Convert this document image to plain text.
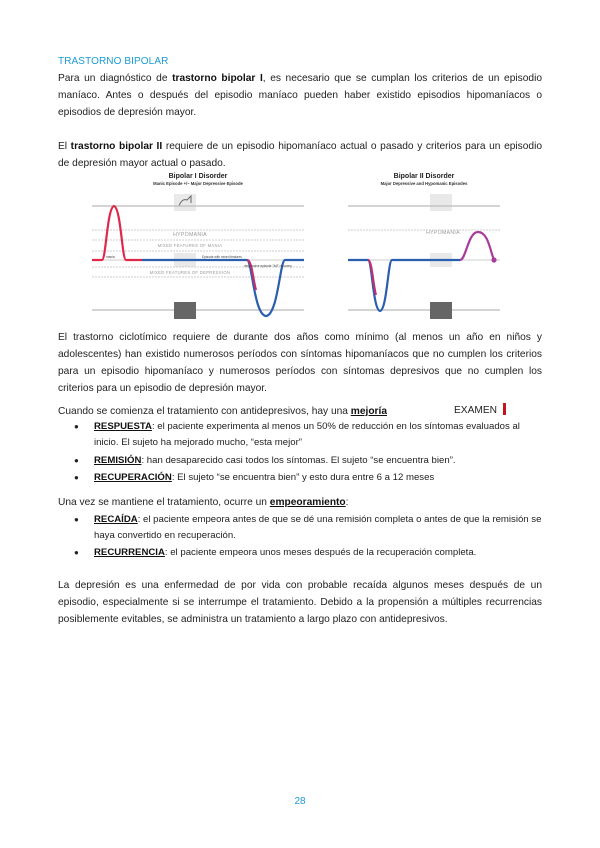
TRASTORNO BIPOLAR
Para un diagnóstico de trastorno bipolar I, es necesario que se cumplan los criterios de un episodio maníaco. Antes o después del episodio maníaco pueden haber existido episodios hipomaníacos o episodios de depresión mayor.
El trastorno bipolar II requiere de un episodio hipomaníaco actual o pasado y criterios para un episodio de depresión mayor actual o pasado.
El trastorno ciclotímico requiere de durante dos años como mínimo (al menos un año en niños y adolescentes) han existido numerosos períodos con síntomas hipomaníacos que no cumplen los criterios para un episodio hipomaníaco y numerosos períodos con síntomas depresivos que no cumplen los criterios para un episodio de depresión mayor.
Cuando se comienza el tratamiento con antidepresivos, hay una mejoría	EXAMEN
● RESPUESTA: el paciente experimenta al menos un 50% de reducción en los síntomas evaluados al inicio. El sujeto ha mejorado mucho, “esta mejor”
● REMISIÓN: han desaparecido casi todos los síntomas. El sujeto “se encuentra bien”.
● RECUPERACIÓN: El sujeto “se encuentra bien” y esto dura entre 6 a 12 meses
Una vez se mantiene el tratamiento, ocurre un empeoramiento:
● RECAÍDA: el paciente empeora antes de que se dé una remisión completa o antes de que la remisión se haya convertido en recuperación.
● RECURRENCIA: el paciente empeora unos meses después de la recuperación completa.
La depresión es una enfermedad de por vida con probable recaída algunos meses después de un episodio, especialmente si se interrumpe el tratamiento. Debido a la propensión a múltiples recurrencias posiblemente evitables, se administra un tratamiento a largo plazo con antidepresivos.
Bipolar I Disorder
Manic Episode +/– Major Depressive Episode
HYPOMANIA
MIXED FEATURES OF MANIA
MIXED FEATURES OF DEPRESSION
mania	Episode with mixed features
depressive episode "full" recovery
Bipolar II Disorder
Major Depressive and Hypomanic Episodes
HYPOMANIA
28
